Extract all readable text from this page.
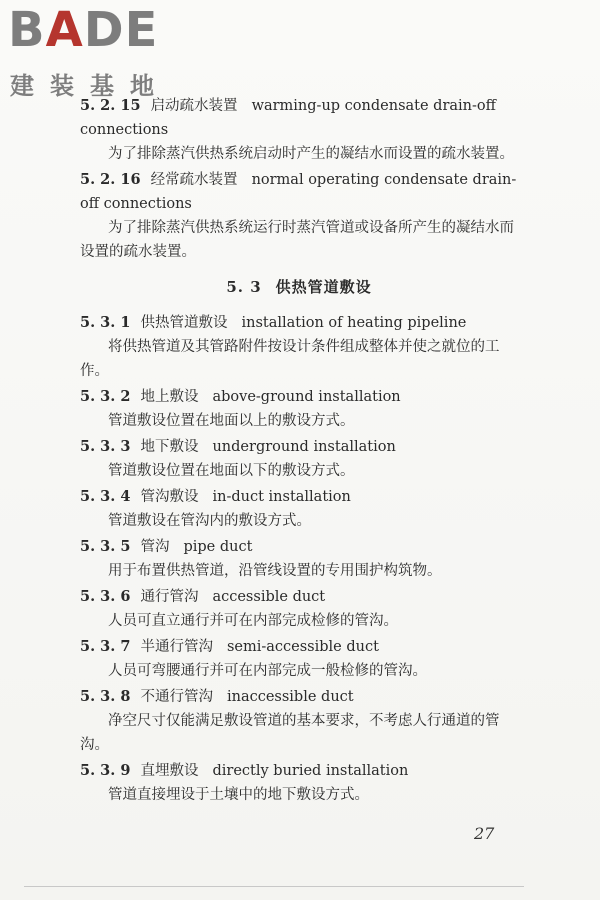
BADE
建装基地
5. 2. 15 启动疏水装置 warming-up condensate drain-off connections
为了排除蒸汽供热系统启动时产生的凝结水而设置的疏水装置。
5. 2. 16 经常疏水装置 normal operating condensate drain-off connections
为了排除蒸汽供热系统运行时蒸汽管道或设备所产生的凝结水而设置的疏水装置。
5. 3 供热管道敷设
5. 3. 1 供热管道敷设 installation of heating pipeline
将供热管道及其管路附件按设计条件组成整体并使之就位的工作。
5. 3. 2 地上敷设 above-ground installation
管道敷设位置在地面以上的敷设方式。
5. 3. 3 地下敷设 underground installation
管道敷设位置在地面以下的敷设方式。
5. 3. 4 管沟敷设 in-duct installation
管道敷设在管沟内的敷设方式。
5. 3. 5 管沟 pipe duct
用于布置供热管道，沿管线设置的专用围护构筑物。
5. 3. 6 通行管沟 accessible duct
人员可直立通行并可在内部完成检修的管沟。
5. 3. 7 半通行管沟 semi-accessible duct
人员可弯腰通行并可在内部完成一般检修的管沟。
5. 3. 8 不通行管沟 inaccessible duct
净空尺寸仅能满足敷设管道的基本要求，不考虑人行通道的管沟。
5. 3. 9 直埋敷设 directly buried installation
管道直接埋设于土壤中的地下敷设方式。
27
